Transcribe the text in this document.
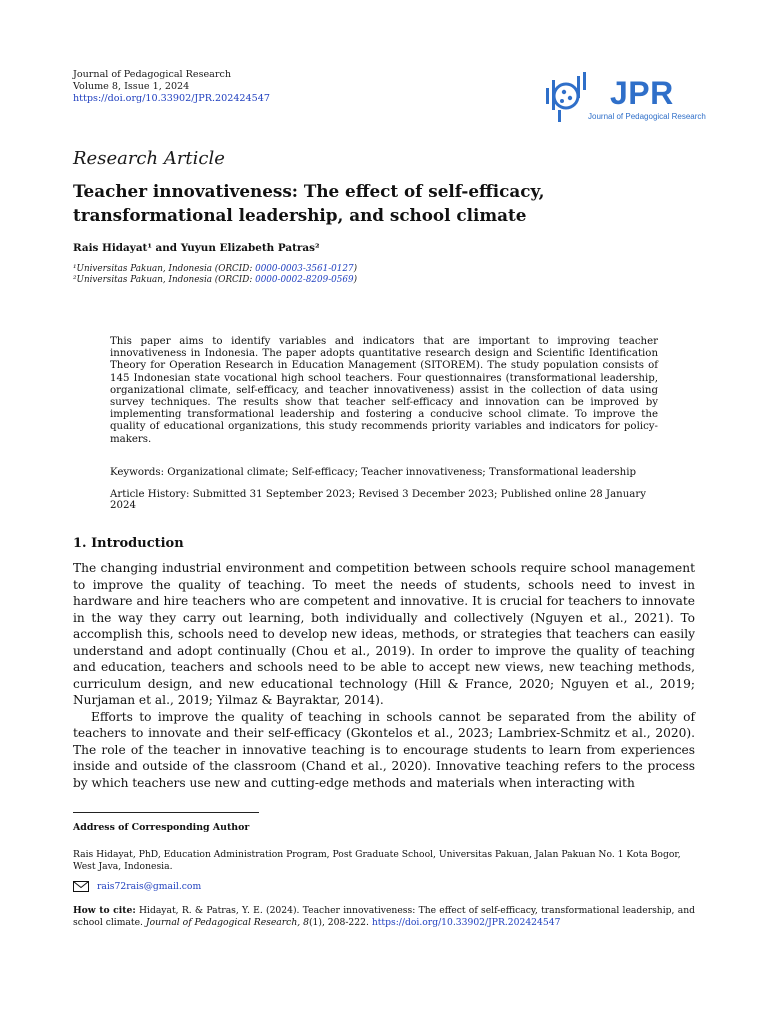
Journal of Pedagogical Research
Volume 8, Issue 1, 2024
https://doi.org/10.33902/JPR.202424547	JPR
Journal of Pedagogical Research
Research Article
Teacher innovativeness: The effect of self-efficacy, transformational leadership, and school climate
Rais Hidayat¹ and Yuyun Elizabeth Patras²
¹Universitas Pakuan, Indonesia (ORCID: 0000-0003-3561-0127)
²Universitas Pakuan, Indonesia (ORCID: 0000-0002-8209-0569)
This paper aims to identify variables and indicators that are important to improving teacher innovativeness in Indonesia. The paper adopts quantitative research design and Scientific Identification Theory for Operation Research in Education Management (SITOREM). The study population consists of 145 Indonesian state vocational high school teachers. Four questionnaires (transformational leadership, organizational climate, self-efficacy, and teacher innovativeness) assist in the collection of data using survey techniques. The results show that teacher self-efficacy and innovation can be improved by implementing transformational leadership and fostering a conducive school climate. To improve the quality of educational organizations, this study recommends priority variables and indicators for policy-makers.
Keywords: Organizational climate; Self-efficacy; Teacher innovativeness; Transformational leadership
Article History: Submitted 31 September 2023; Revised 3 December 2023; Published online 28 January 2024
1. Introduction

The changing industrial environment and competition between schools require school management to improve the quality of teaching. To meet the needs of students, schools need to invest in hardware and hire teachers who are competent and innovative. It is crucial for teachers to innovate in the way they carry out learning, both individually and collectively (Nguyen et al., 2021). To accomplish this, schools need to develop new ideas, methods, or strategies that teachers can easily understand and adopt continually (Chou et al., 2019). In order to improve the quality of teaching and education, teachers and schools need to be able to accept new views, new teaching methods, curriculum design, and new educational technology (Hill & France, 2020; Nguyen et al., 2019; Nurjaman et al., 2019; Yilmaz & Bayraktar, 2014).

Efforts to improve the quality of teaching in schools cannot be separated from the ability of teachers to innovate and their self-efficacy (Gkontelos et al., 2023; Lambriex-Schmitz et al., 2020). The role of the teacher in innovative teaching is to encourage students to learn from experiences inside and outside of the classroom (Chand et al., 2020). Innovative teaching refers to the process by which teachers use new and cutting-edge methods and materials when interacting with

Address of Corresponding Author
Rais Hidayat, PhD, Education Administration Program, Post Graduate School, Universitas Pakuan, Jalan Pakuan No. 1 Kota Bogor, West Java, Indonesia.
rais72rais@gmail.com
How to cite: Hidayat, R. & Patras, Y. E. (2024). Teacher innovativeness: The effect of self-efficacy, transformational leadership, and school climate. Journal of Pedagogical Research, 8(1), 208-222. https://doi.org/10.33902/JPR.202424547
